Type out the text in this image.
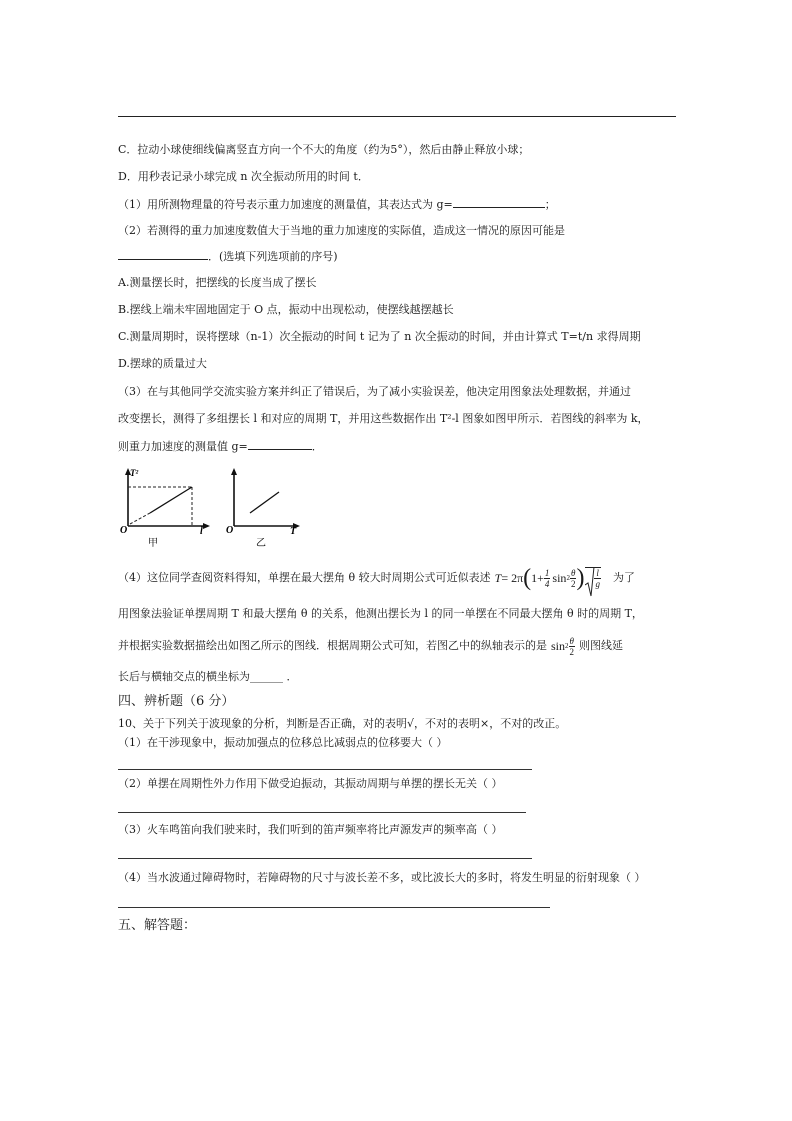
C．拉动小球使细线偏离竖直方向一个不大的角度（约为5°），然后由静止释放小球；
D．用秒表记录小球完成 n 次全振动所用的时间 t．
（1）用所测物理量的符号表示重力加速度的测量值，其表达式为 g=	；
（2）若测得的重力加速度数值大于当地的重力加速度的实际值，造成这一情况的原因可能是
．(选填下列选项前的序号)
A.测量摆长时，把摆线的长度当成了摆长
B.摆线上端未牢固地固定于 O 点，振动中出现松动，使摆线越摆越长
C.测量周期时，误将摆球（n-1）次全振动的时间 t 记为了 n 次全振动的时间，并由计算式 T=t/n 求得周期
D.摆球的质量过大
（3）在与其他同学交流实验方案并纠正了错误后，为了减小实验误差，他决定用图象法处理数据，并通过
改变摆长，测得了多组摆长 l 和对应的周期 T，并用这些数据作出 T²-l 图象如图甲所示．若图线的斜率为 k，
则重力加速度的测量值 g=	．
T²
O	l
甲
O	T
乙
（4）这位同学查阅资料得知，单摆在最大摆角 θ 较大时周期公式可近似表述 T = 2π ( $1+ \frac{1}{4}$ $\sin 2 \frac{\theta}{2}$ ) $\frac{l}{g}$ 为了
用图象法验证单摆周期 T 和最大摆角 θ 的关系，他测出摆长为 l 的同一单摆在不同最大摆角 θ 时的周期 T，
并根据实验数据描绘出如图乙所示的图线．根据周期公式可知，若图乙中的纵轴表示的是 $\sin 2 \frac{\theta}{2}$ 则图线延
长后与横轴交点的横坐标为______ ．
四、辨析题（6 分）
10、关于下列关于波现象的分析，判断是否正确，对的表明√，不对的表明×，不对的改正。
（1）在干涉现象中，振动加强点的位移总比减弱点的位移要大（ ）
（2）单摆在周期性外力作用下做受迫振动，其振动周期与单摆的摆长无关（ ）
（3）火车鸣笛向我们驶来时，我们听到的笛声频率将比声源发声的频率高（ ）
（4）当水波通过障碍物时，若障碍物的尺寸与波长差不多，或比波长大的多时，将发生明显的衍射现象（ ）
五、解答题：
